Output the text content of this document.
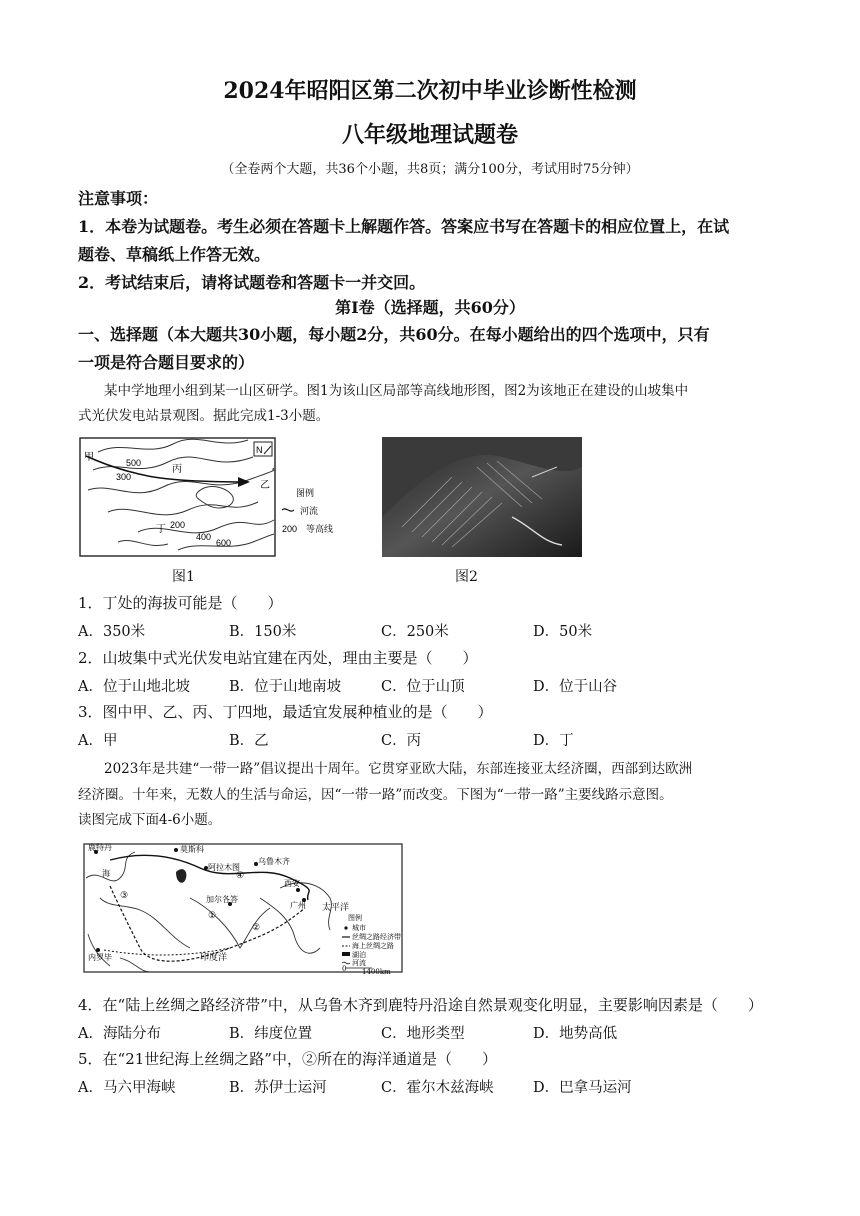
2024年昭阳区第二次初中毕业诊断性检测
八年级地理试题卷
（全卷两个大题，共36个小题，共8页；满分100分，考试用时75分钟）
注意事项：
1．本卷为试题卷。考生必须在答题卡上解题作答。答案应书写在答题卡的相应位置上，在试
题卷、草稿纸上作答无效。
2．考试结束后，请将试题卷和答题卡一并交回。
第Ⅰ卷（选择题，共60分）
一、选择题（本大题共30小题，每小题2分，共60分。在每小题给出的四个选项中，只有
一项是符合题目要求的）
某中学地理小组到某一山区研学。图1为该山区局部等高线地形图，图2为该地正在建设的山坡集中
式光伏发电站景观图。据此完成1-3小题。
N
甲
乙
丙
丁
500
300
200
400
600
图例
河流
200 等高线
图1	图2
1．丁处的海拔可能是（　　）
A．350米	B．150米	C．250米	D．50米
2．山坡集中式光伏发电站宜建在丙处，理由主要是（　　）
A．位于山地北坡	B．位于山地南坡	C．位于山顶	D．位于山谷
3．图中甲、乙、丙、丁四地，最适宜发展种植业的是（　　）
A．甲	B．乙	C．丙	D．丁
2023年是共建“一带一路”倡议提出十周年。它贯穿亚欧大陆，东部连接亚太经济圈，西部到达欧洲
经济圈。十年来，无数人的生活与命运，因“一带一路”而改变。下图为“一带一路”主要线路示意图。
读图完成下面4-6小题。
莫斯科
阿拉木图
乌鲁木齐
西安
广州
加尔各答
内罗毕
鹿特丹
海
印度洋
太平洋
①
②
③
④
图例
城市
丝绸之路经济带
海上丝绸之路
湖泊
河流
0 1400km
4．在“陆上丝绸之路经济带”中，从乌鲁木齐到鹿特丹沿途自然景观变化明显，主要影响因素是（　　）
A．海陆分布	B．纬度位置	C．地形类型	D．地势高低
5．在“21世纪海上丝绸之路”中，②所在的海洋通道是（　　）
A．马六甲海峡	B．苏伊士运河	C．霍尔木兹海峡	D．巴拿马运河
